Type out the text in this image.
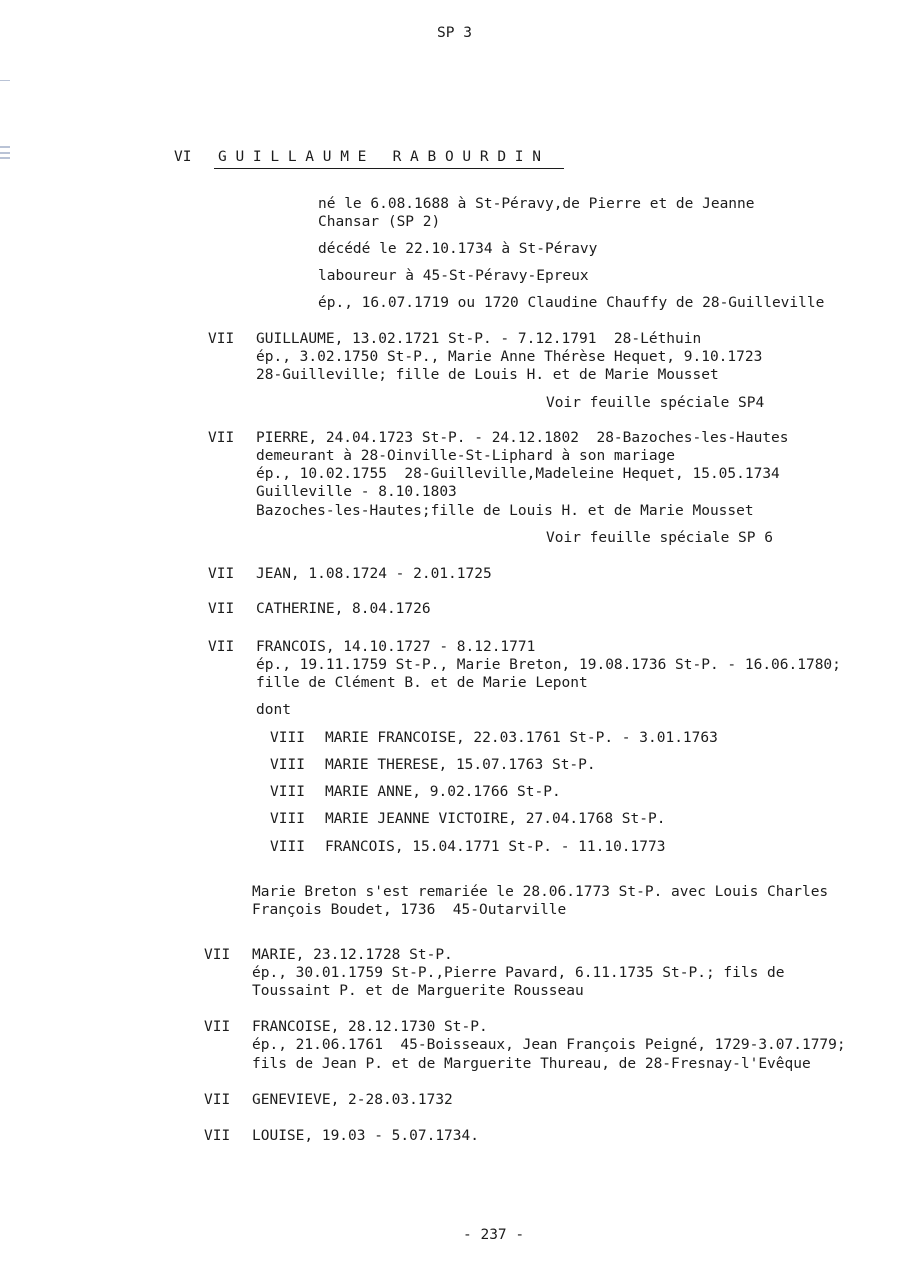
SP 3
VI G U I L L A U M E   R A B O U R D I N
né le 6.08.1688 à St-Péravy,de Pierre et de Jeanne
Chansar (SP 2)
décédé le 22.10.1734 à St-Péravy
laboureur à 45-St-Péravy-Epreux
ép., 16.07.1719 ou 1720 Claudine Chauffy de 28-Guilleville
VII GUILLAUME, 13.02.1721 St-P. - 7.12.1791  28-Léthuin
ép., 3.02.1750 St-P., Marie Anne Thérèse Hequet, 9.10.1723
28-Guilleville; fille de Louis H. et de Marie Mousset
Voir feuille spéciale SP4
VII PIERRE, 24.04.1723 St-P. - 24.12.1802  28-Bazoches-les-Hautes
demeurant à 28-Oinville-St-Liphard à son mariage
ép., 10.02.1755  28-Guilleville,Madeleine Hequet, 15.05.1734
Guilleville - 8.10.1803
Bazoches-les-Hautes;fille de Louis H. et de Marie Mousset
Voir feuille spéciale SP 6
VII JEAN, 1.08.1724 - 2.01.1725
VII CATHERINE, 8.04.1726
VII FRANCOIS, 14.10.1727 - 8.12.1771
ép., 19.11.1759 St-P., Marie Breton, 19.08.1736 St-P. - 16.06.1780;
fille de Clément B. et de Marie Lepont
dont
VIII MARIE FRANCOISE, 22.03.1761 St-P. - 3.01.1763
VIII MARIE THERESE, 15.07.1763 St-P.
VIII MARIE ANNE, 9.02.1766 St-P.
VIII MARIE JEANNE VICTOIRE, 27.04.1768 St-P.
VIII FRANCOIS, 15.04.1771 St-P. - 11.10.1773
Marie Breton s'est remariée le 28.06.1773 St-P. avec Louis Charles
François Boudet, 1736  45-Outarville
VII MARIE, 23.12.1728 St-P.
ép., 30.01.1759 St-P.,Pierre Pavard, 6.11.1735 St-P.; fils de
Toussaint P. et de Marguerite Rousseau
VII FRANCOISE, 28.12.1730 St-P.
ép., 21.06.1761  45-Boisseaux, Jean François Peigné, 1729-3.07.1779;
fils de Jean P. et de Marguerite Thureau, de 28-Fresnay-l'Evêque
VII GENEVIEVE, 2-28.03.1732
VII LOUISE, 19.03 - 5.07.1734.
- 237 -
